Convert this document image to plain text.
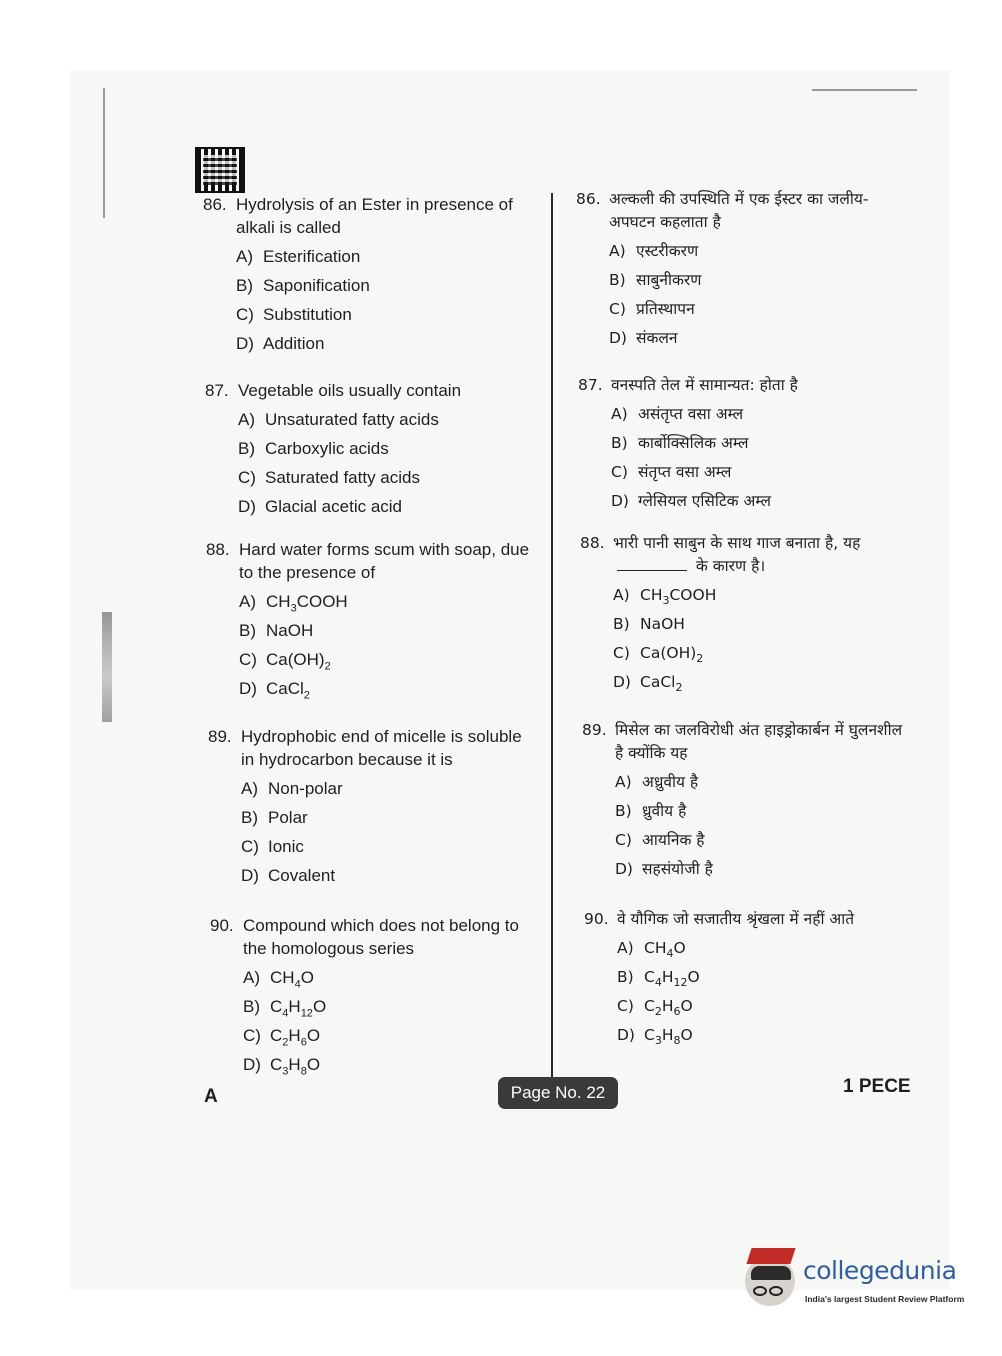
86. Hydrolysis of an Ester in presence of alkali is called
A) Esterification
B) Saponification
C) Substitution
D) Addition
87. Vegetable oils usually contain
A) Unsaturated fatty acids
B) Carboxylic acids
C) Saturated fatty acids
D) Glacial acetic acid
88. Hard water forms scum with soap, due to the presence of
A) $CH_3COOH$
B) NaOH
C) $Ca(OH)_2$
D) CaCl$_2$
89. Hydrophobic end of micelle is soluble in hydrocarbon because it is
A) Non-polar
B) Polar
C) Ionic
D) Covalent
90. Compound which does not belong to the homologous series
A) $CH_4O$
B) $C_4H_{12}O$
C) $C_2H_6O$
D) $C_3H_8O$
86. अल्कली की उपस्थिति में एक ईस्टर का जलीय-अपघटन कहलाता है
A) एस्टरीकरण
B) साबुनीकरण
C) प्रतिस्थापन
D) संकलन
87. वनस्पति तेल में सामान्यत: होता है
A) असंतृप्त वसा अम्ल
B) कार्बोक्सिलिक अम्ल
C) संतृप्त वसा अम्ल
D) ग्लेसियल एसिटिक अम्ल
88. भारी पानी साबुन के साथ गाज बनाता है, यह  के कारण है।
A) $CH_3COOH$
B) NaOH
C) $Ca(OH)_2$
D) CaCl$_2$
89. मिसेल का जलविरोधी अंत हाइड्रोकार्बन में घुलनशील है क्योंकि यह
A) अध्रुवीय है
B) ध्रुवीय है
C) आयनिक है
D) सहसंयोजी है
90. वे यौगिक जो सजातीय श्रृंखला में नहीं आते
A) $CH_4O$
B) $C_4H_{12}O$
C) $C_2H_6O$
D) $C_3H_8O$
A	Page No. 22	1 PECE
collegedunia
India's largest Student Review Platform
